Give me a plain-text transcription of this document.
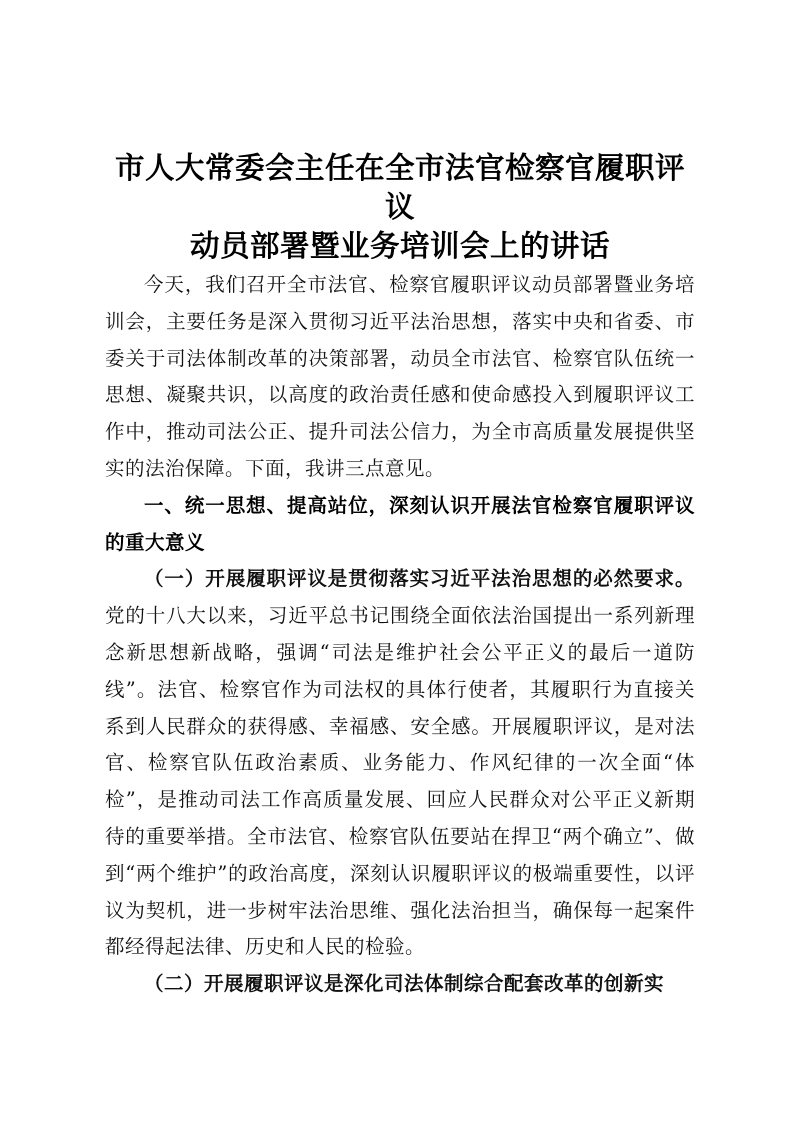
市人大常委会主任在全市法官检察官履职评议
动员部署暨业务培训会上的讲话

今天，我们召开全市法官、检察官履职评议动员部署暨业务培训会，主要任务是深入贯彻习近平法治思想，落实中央和省委、市委关于司法体制改革的决策部署，动员全市法官、检察官队伍统一思想、凝聚共识，以高度的政治责任感和使命感投入到履职评议工作中，推动司法公正、提升司法公信力，为全市高质量发展提供坚实的法治保障。下面，我讲三点意见。

一、统一思想、提高站位，深刻认识开展法官检察官履职评议的重大意义

（一）开展履职评议是贯彻落实习近平法治思想的必然要求。党的十八大以来，习近平总书记围绕全面依法治国提出一系列新理念新思想新战略，强调“司法是维护社会公平正义的最后一道防线”。法官、检察官作为司法权的具体行使者，其履职行为直接关系到人民群众的获得感、幸福感、安全感。开展履职评议，是对法官、检察官队伍政治素质、业务能力、作风纪律的一次全面“体检”，是推动司法工作高质量发展、回应人民群众对公平正义新期待的重要举措。全市法官、检察官队伍要站在捍卫“两个确立”、做到“两个维护”的政治高度，深刻认识履职评议的极端重要性，以评议为契机，进一步树牢法治思维、强化法治担当，确保每一起案件都经得起法律、历史和人民的检验。

（二）开展履职评议是深化司法体制综合配套改革的创新实
